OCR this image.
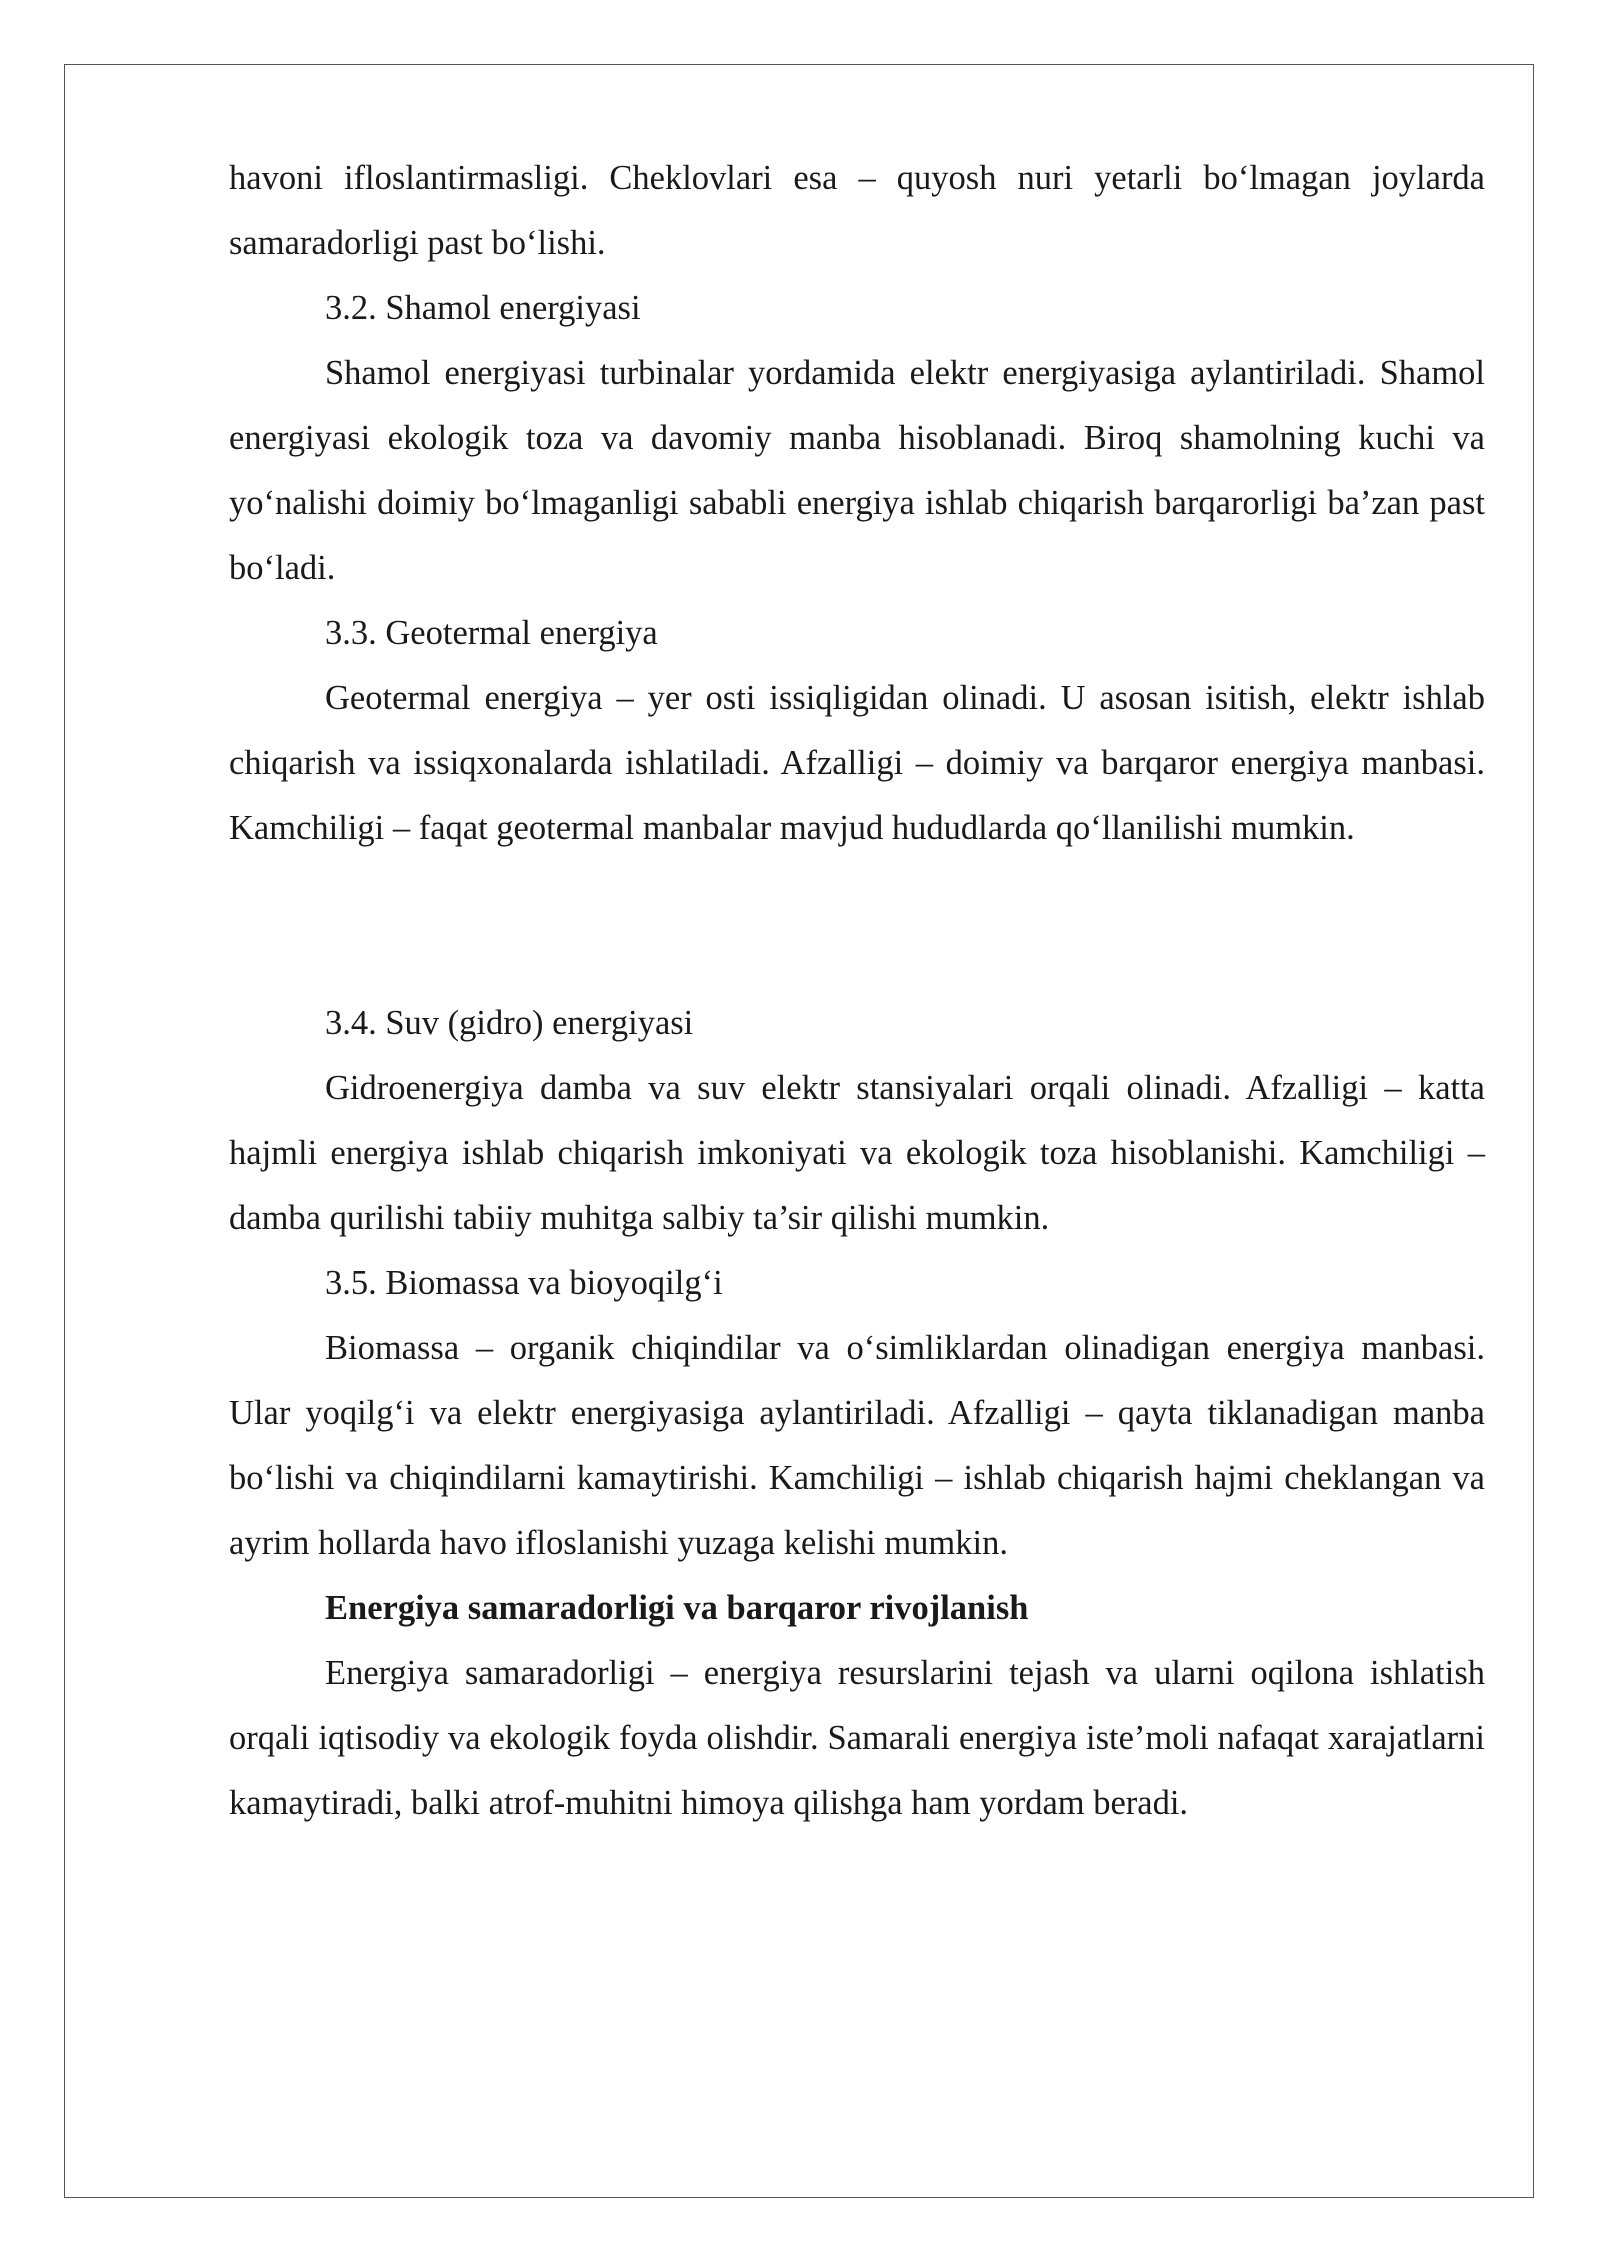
havoni ifloslantirmasligi. Cheklovlari esa – quyosh nuri yetarli bo‘lmagan joylarda samaradorligi past bo‘lishi.

3.2. Shamol energiyasi

Shamol energiyasi turbinalar yordamida elektr energiyasiga aylantiriladi. Shamol energiyasi ekologik toza va davomiy manba hisoblanadi. Biroq shamolning kuchi va yo‘nalishi doimiy bo‘lmaganligi sababli energiya ishlab chiqarish barqarorligi ba’zan past bo‘ladi.

3.3. Geotermal energiya

Geotermal energiya – yer osti issiqligidan olinadi. U asosan isitish, elektr ishlab chiqarish va issiqxonalarda ishlatiladi. Afzalligi – doimiy va barqaror energiya manbasi. Kamchiligi – faqat geotermal manbalar mavjud hududlarda qo‘llanilishi mumkin.

3.4. Suv (gidro) energiyasi

Gidroenergiya damba va suv elektr stansiyalari orqali olinadi. Afzalligi – katta hajmli energiya ishlab chiqarish imkoniyati va ekologik toza hisoblanishi. Kamchiligi – damba qurilishi tabiiy muhitga salbiy ta’sir qilishi mumkin.

3.5. Biomassa va bioyoqilg‘i

Biomassa – organik chiqindilar va o‘simliklardan olinadigan energiya manbasi. Ular yoqilg‘i va elektr energiyasiga aylantiriladi. Afzalligi – qayta tiklanadigan manba bo‘lishi va chiqindilarni kamaytirishi. Kamchiligi – ishlab chiqarish hajmi cheklangan va ayrim hollarda havo ifloslanishi yuzaga kelishi mumkin.

Energiya samaradorligi va barqaror rivojlanish

Energiya samaradorligi – energiya resurslarini tejash va ularni oqilona ishlatish orqali iqtisodiy va ekologik foyda olishdir. Samarali energiya iste’moli nafaqat xarajatlarni kamaytiradi, balki atrof-muhitni himoya qilishga ham yordam beradi.
